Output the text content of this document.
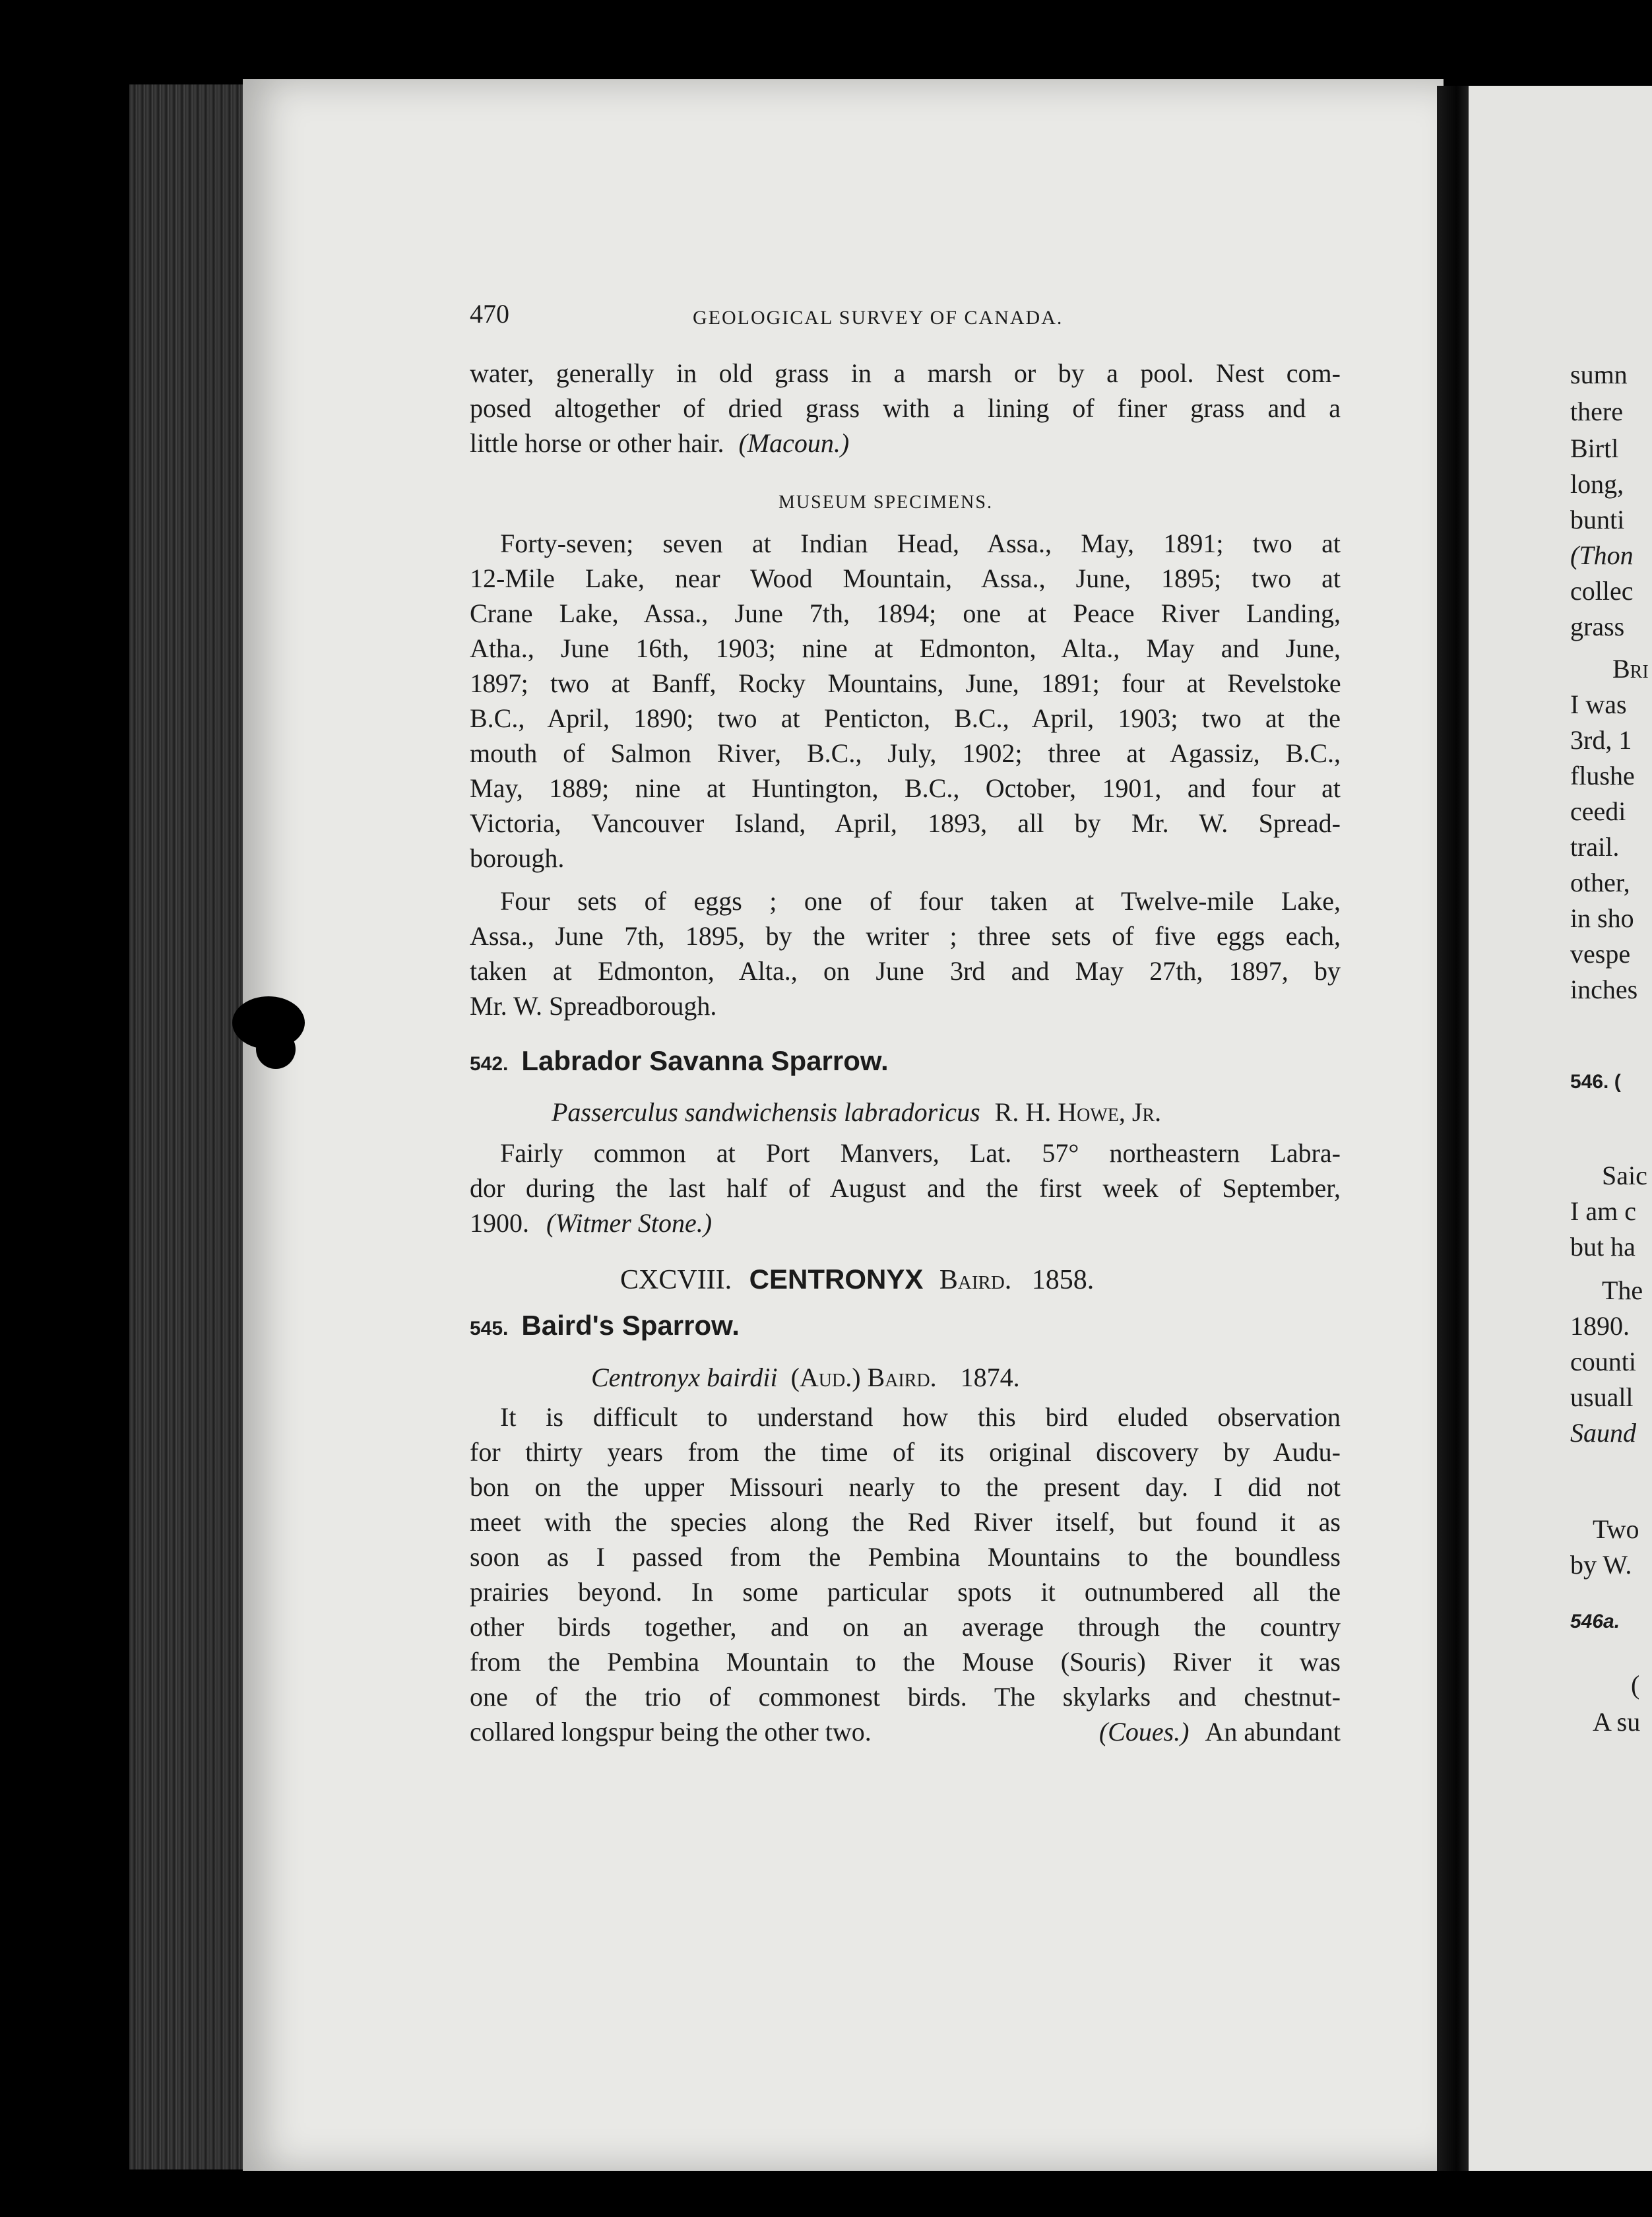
470	GEOLOGICAL SURVEY OF CANADA.
water, generally in old grass in a marsh or by a pool. Nest com-
posed altogether of dried grass with a lining of finer grass and a
little horse or other hair. (Macoun.)
MUSEUM SPECIMENS.
Forty-seven; seven at Indian Head, Assa., May, 1891; two at
12-Mile Lake, near Wood Mountain, Assa., June, 1895; two at
Crane Lake, Assa., June 7th, 1894; one at Peace River Landing,
Atha., June 16th, 1903; nine at Edmonton, Alta., May and June,
1897; two at Banff, Rocky Mountains, June, 1891; four at Revelstoke
B.C., April, 1890; two at Penticton, B.C., April, 1903; two at the
mouth of Salmon River, B.C., July, 1902; three at Agassiz, B.C.,
May, 1889; nine at Huntington, B.C., October, 1901, and four at
Victoria, Vancouver Island, April, 1893, all by Mr. W. Spread-
borough.
Four sets of eggs ; one of four taken at Twelve-mile Lake,
Assa., June 7th, 1895, by the writer ; three sets of five eggs each,
taken at Edmonton, Alta., on June 3rd and May 27th, 1897, by
Mr. W. Spreadborough.
542. Labrador Savanna Sparrow.
Passerculus sandwichensis labradoricus R. H. Howe, Jr.
Fairly common at Port Manvers, Lat. 57° northeastern Labra-
dor during the last half of August and the first week of September,
1900. (Witmer Stone.)
CXCVIII. CENTRONYX Baird. 1858.
545. Baird's Sparrow.
Centronyx bairdii (Aud.) Baird. 1874.
It is difficult to understand how this bird eluded observation
for thirty years from the time of its original discovery by Audu-
bon on the upper Missouri nearly to the present day. I did not
meet with the species along the Red River itself, but found it as
soon as I passed from the Pembina Mountains to the boundless
prairies beyond. In some particular spots it outnumbered all the
other birds together, and on an average through the country
from the Pembina Mountain to the Mouse (Souris) River it was
one of the trio of commonest birds. The skylarks and chestnut-
collared longspur being the other two.	(Coues.) An abundant
sumn
there
Birtl
long,
bunti
(Thon
collec
grass
Bri
I was
3rd, 1
flushe
ceedi
trail.
other,
in sho
vespe
inches
546. (
Saic
I am c
but ha
The
1890.
counti
usuall
Saund
Two
by W.
546a.
(
A su
